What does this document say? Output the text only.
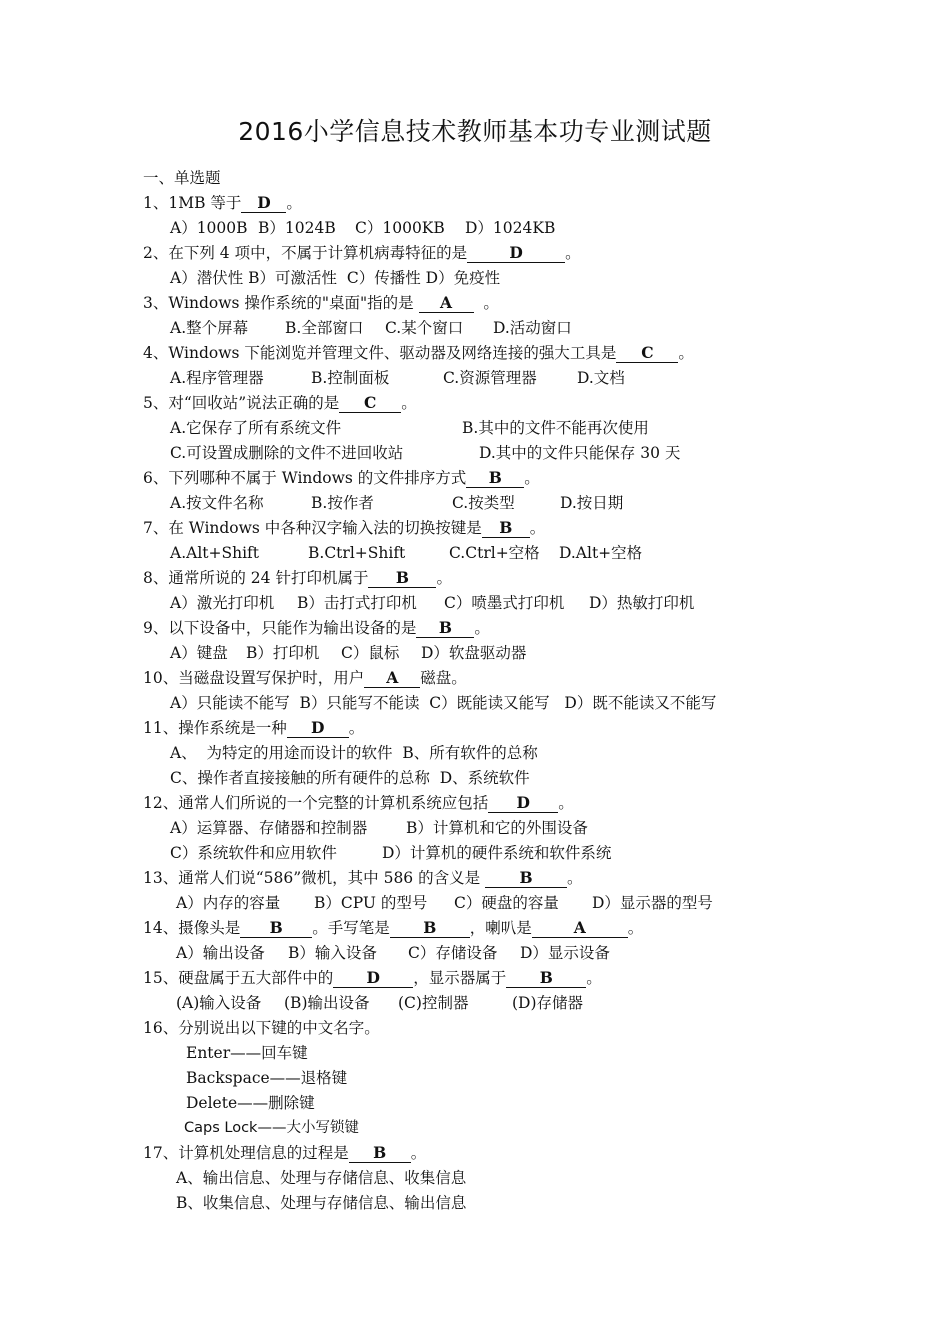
2016小学信息技术教师基本功专业测试题
一、单选题
1、1MB 等于 D 。
A）1000B B）1024B C）1000KB D）1024KB
2、在下列 4 项中，不属于计算机病毒特征的是	D	。
A）潜伏性 B）可激活性  C）传播性 D）免疫性
3、Windows 操作系统的"桌面"指的是 A 。
A.整个屏幕 B.全部窗口 C.某个窗口 D.活动窗口
4、Windows 下能浏览并管理文件、驱动器及网络连接的强大工具是 C 。
A.程序管理器	B.控制面板	C.资源管理器	D.文档
5、对“回收站”说法正确的是 C 。
A.它保存了所有系统文件	B.其中的文件不能再次使用
C.可设置成删除的文件不进回收站	D.其中的文件只能保存 30 天
6、下列哪种不属于 Windows 的文件排序方式 B 。
A.按文件名称	B.按作者	C.按类型	D.按日期
7、在 Windows 中各种汉字输入法的切换按键是 B 。
A.Alt+Shift	B.Ctrl+Shift	C.Ctrl+空格 D.Alt+空格
8、通常所说的 24 针打印机属于 B 。
A）激光打印机 B）击打式打印机 C）喷墨式打印机 D）热敏打印机
9、以下设备中，只能作为输出设备的是 B 。
A）键盘 B）打印机 C）鼠标 D）软盘驱动器
10、当磁盘设置写保护时，用户 A 磁盘。
A）只能读不能写  B）只能写不能读  C）既能读又能写   D）既不能读又不能写
11、操作系统是一种 D 。
A、  为特定的用途而设计的软件  B、所有软件的总称
C、操作者直接接触的所有硬件的总称  D、系统软件
12、通常人们所说的一个完整的计算机系统应包括 D 。
A）运算器、存储器和控制器	B）计算机和它的外围设备
C）系统软件和应用软件	D）计算机的硬件系统和软件系统
13、通常人们说“586”微机，其中 586 的含义是	B 。
A）内存的容量 B）CPU 的型号 C）硬盘的容量 D）显示器的型号
14、摄像头是 B 。手写笔是 B ，喇叭是	A	。
A）输出设备 B）输入设备 C）存储设备 D）显示设备
15、硬盘属于五大部件中的 D ，显示器属于 B 。
(A)输入设备 (B)输出设备 (C)控制器	(D)存储器
16、分别说出以下键的中文名字。
Enter——回车键
Backspace——退格键
Delete——删除键
Caps Lock——大小写锁键
17、计算机处理信息的过程是 B 。
A、输出信息、处理与存储信息、收集信息
B、收集信息、处理与存储信息、输出信息
